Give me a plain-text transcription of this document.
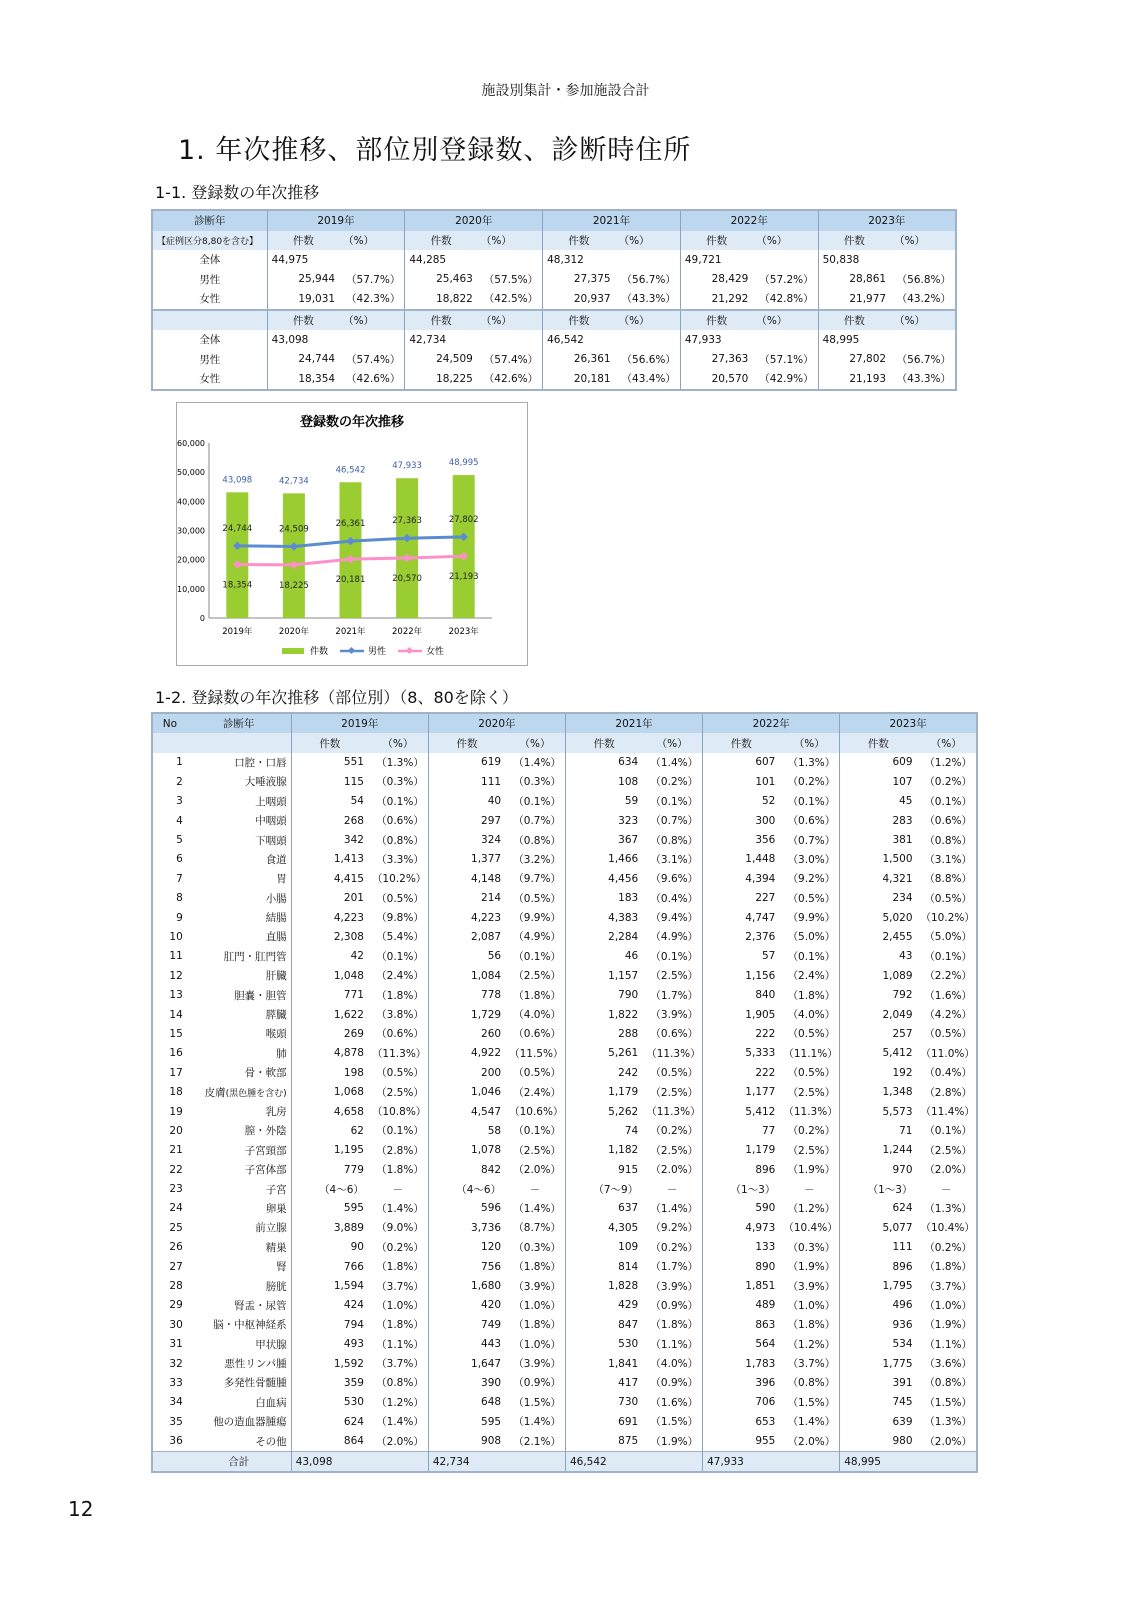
施設別集計・参加施設合計
1. 年次推移、部位別登録数、診断時住所
1-1. 登録数の年次推移
診断年	2019年		2020年		2021年		2022年		2023年	
【症例区分8,80を含む】	件数	（%）	件数	（%）	件数	（%）	件数	（%）	件数	（%）
全体	44,975		44,285		48,312		49,721		50,838	
男性	25,944	（57.7%）	25,463	（57.5%）	27,375	（56.7%）	28,429	（57.2%）	28,861	（56.8%）
女性	19,031	（42.3%）	18,822	（42.5%）	20,937	（43.3%）	21,292	（42.8%）	21,977	（43.2%）
	件数	（%）	件数	（%）	件数	（%）	件数	（%）	件数	（%）
全体	43,098		42,734		46,542		47,933		48,995	
男性	24,744	（57.4%）	24,509	（57.4%）	26,361	（56.6%）	27,363	（57.1%）	27,802	（56.7%）
女性	18,354	（42.6%）	18,225	（42.6%）	20,181	（43.4%）	20,570	（42.9%）	21,193	（43.3%）
登録数の年次推移
0
10,000
20,000
30,000
40,000
50,000
60,000
2019年	2020年	2021年	2022年	2023年
43,098	42,734
46,542	47,933	48,995
24,744	24,509
26,361	27,363	27,802
18,354	18,225
20,181	20,570	21,193
件数	男性	女性
1-2. 登録数の年次推移（部位別）（8、80を除く）
No	診断年	2019年		2020年		2021年		2022年		2023年	
		件数	（%）	件数	（%）	件数	（%）	件数	（%）	件数	（%）
1	口腔・口唇	551	（1.3%）	619	（1.4%）	634	（1.4%）	607	（1.3%）	609	（1.2%）
2	大唾液腺	115	（0.3%）	111	（0.3%）	108	（0.2%）	101	（0.2%）	107	（0.2%）
3	上咽頭	54	（0.1%）	40	（0.1%）	59	（0.1%）	52	（0.1%）	45	（0.1%）
4	中咽頭	268	（0.6%）	297	（0.7%）	323	（0.7%）	300	（0.6%）	283	（0.6%）
5	下咽頭	342	（0.8%）	324	（0.8%）	367	（0.8%）	356	（0.7%）	381	（0.8%）
6	食道	1,413	（3.3%）	1,377	（3.2%）	1,466	（3.1%）	1,448	（3.0%）	1,500	（3.1%）
7	胃	4,415	（10.2%）	4,148	（9.7%）	4,456	（9.6%）	4,394	（9.2%）	4,321	（8.8%）
8	小腸	201	（0.5%）	214	（0.5%）	183	（0.4%）	227	（0.5%）	234	（0.5%）
9	結腸	4,223	（9.8%）	4,223	（9.9%）	4,383	（9.4%）	4,747	（9.9%）	5,020	（10.2%）
10	直腸	2,308	（5.4%）	2,087	（4.9%）	2,284	（4.9%）	2,376	（5.0%）	2,455	（5.0%）
11	肛門・肛門管	42	（0.1%）	56	（0.1%）	46	（0.1%）	57	（0.1%）	43	（0.1%）
12	肝臓	1,048	（2.4%）	1,084	（2.5%）	1,157	（2.5%）	1,156	（2.4%）	1,089	（2.2%）
13	胆嚢・胆管	771	（1.8%）	778	（1.8%）	790	（1.7%）	840	（1.8%）	792	（1.6%）
14	膵臓	1,622	（3.8%）	1,729	（4.0%）	1,822	（3.9%）	1,905	（4.0%）	2,049	（4.2%）
15	喉頭	269	（0.6%）	260	（0.6%）	288	（0.6%）	222	（0.5%）	257	（0.5%）
16	肺	4,878	（11.3%）	4,922	（11.5%）	5,261	（11.3%）	5,333	（11.1%）	5,412	（11.0%）
17	骨・軟部	198	（0.5%）	200	（0.5%）	242	（0.5%）	222	（0.5%）	192	（0.4%）
18	皮膚(黒色腫を含む)	1,068	（2.5%）	1,046	（2.4%）	1,179	（2.5%）	1,177	（2.5%）	1,348	（2.8%）
19	乳房	4,658	（10.8%）	4,547	（10.6%）	5,262	（11.3%）	5,412	（11.3%）	5,573	（11.4%）
20	膣・外陰	62	（0.1%）	58	（0.1%）	74	（0.2%）	77	（0.2%）	71	（0.1%）
21	子宮頸部	1,195	（2.8%）	1,078	（2.5%）	1,182	（2.5%）	1,179	（2.5%）	1,244	（2.5%）
22	子宮体部	779	（1.8%）	842	（2.0%）	915	（2.0%）	896	（1.9%）	970	（2.0%）
23	子宮	（4～6）	－	（4～6）	－	（7～9）	－	（1～3）	－	（1～3）	－
24	卵巣	595	（1.4%）	596	（1.4%）	637	（1.4%）	590	（1.2%）	624	（1.3%）
25	前立腺	3,889	（9.0%）	3,736	（8.7%）	4,305	（9.2%）	4,973	（10.4%）	5,077	（10.4%）
26	精巣	90	（0.2%）	120	（0.3%）	109	（0.2%）	133	（0.3%）	111	（0.2%）
27	腎	766	（1.8%）	756	（1.8%）	814	（1.7%）	890	（1.9%）	896	（1.8%）
28	膀胱	1,594	（3.7%）	1,680	（3.9%）	1,828	（3.9%）	1,851	（3.9%）	1,795	（3.7%）
29	腎盂・尿管	424	（1.0%）	420	（1.0%）	429	（0.9%）	489	（1.0%）	496	（1.0%）
30	脳・中枢神経系	794	（1.8%）	749	（1.8%）	847	（1.8%）	863	（1.8%）	936	（1.9%）
31	甲状腺	493	（1.1%）	443	（1.0%）	530	（1.1%）	564	（1.2%）	534	（1.1%）
32	悪性リンパ腫	1,592	（3.7%）	1,647	（3.9%）	1,841	（4.0%）	1,783	（3.7%）	1,775	（3.6%）
33	多発性骨髄腫	359	（0.8%）	390	（0.9%）	417	（0.9%）	396	（0.8%）	391	（0.8%）
34	白血病	530	（1.2%）	648	（1.5%）	730	（1.6%）	706	（1.5%）	745	（1.5%）
35	他の造血器腫瘍	624	（1.4%）	595	（1.4%）	691	（1.5%）	653	（1.4%）	639	（1.3%）
36	その他	864	（2.0%）	908	（2.1%）	875	（1.9%）	955	（2.0%）	980	（2.0%）
	合計	43,098		42,734		46,542		47,933		48,995	
12
